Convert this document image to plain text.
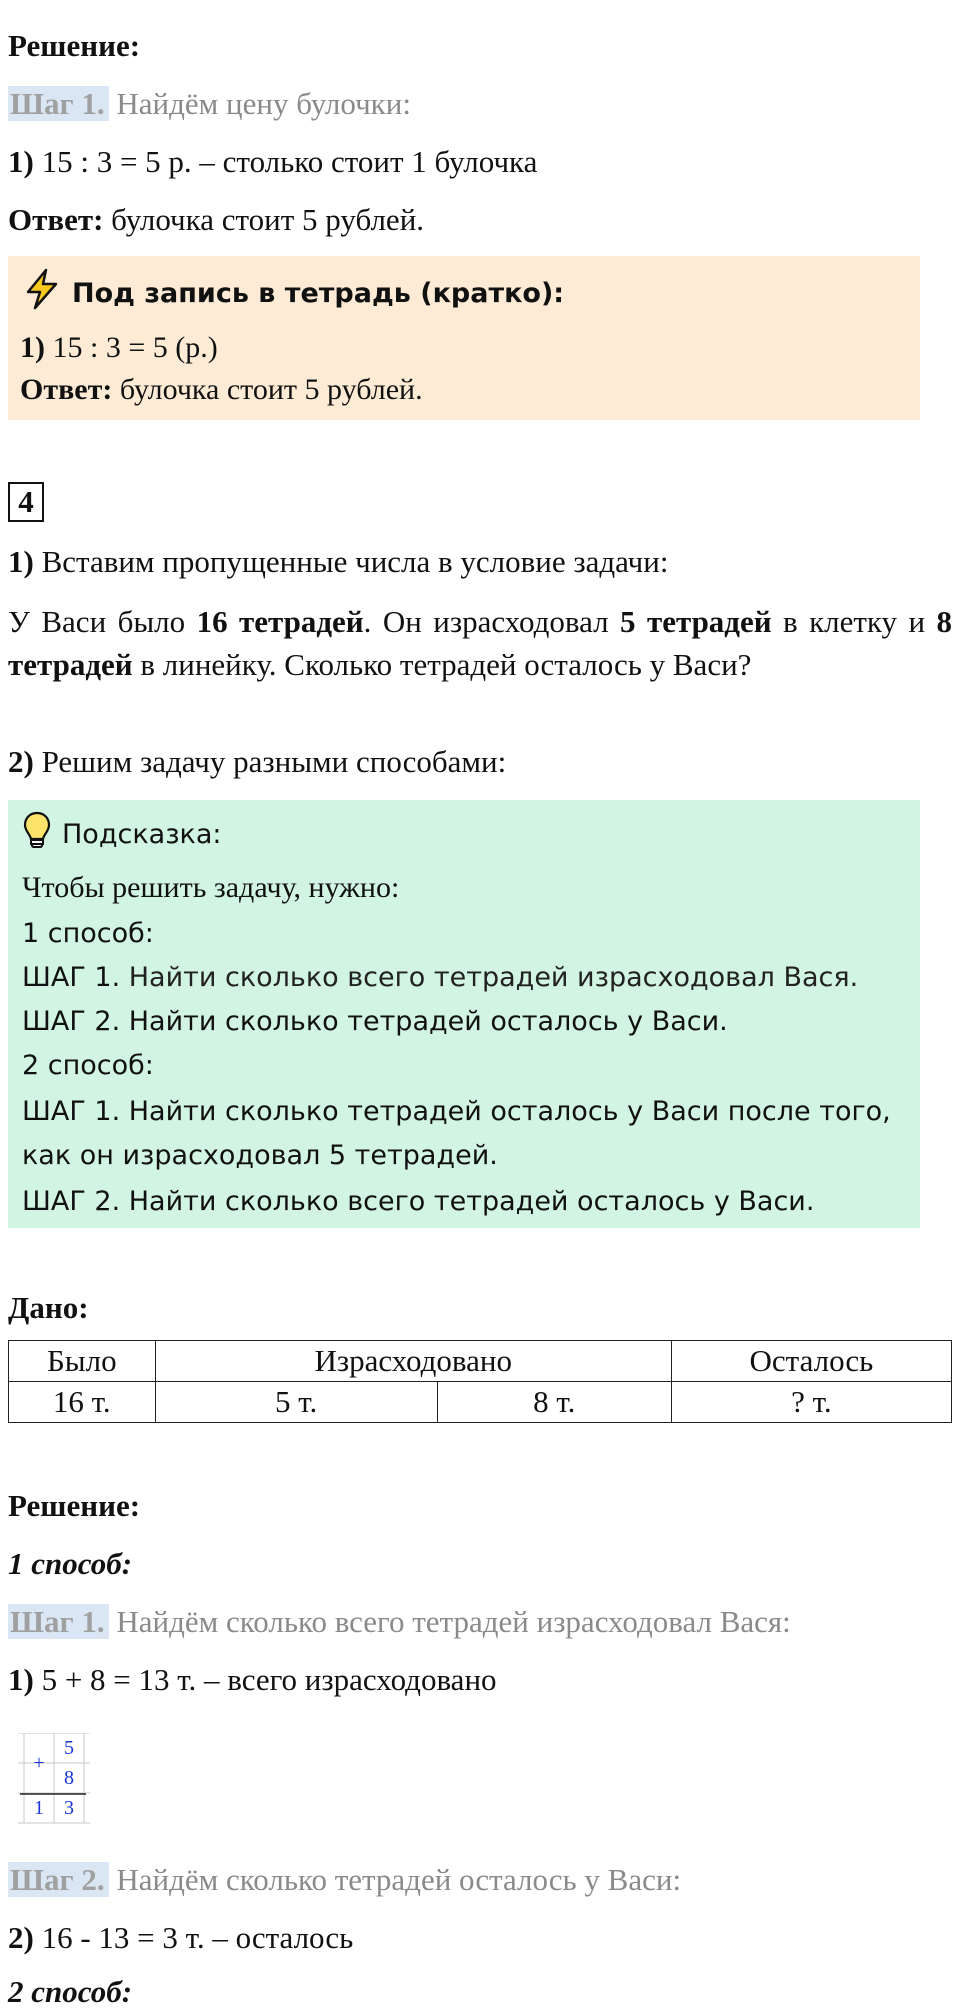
Решение:
Шаг 1. Найдём цену булочки:
1) 15 : 3 = 5 р. – столько стоит 1 булочка
Ответ: булочка стоит 5 рублей.
Под запись в тетрадь (кратко):
1) 15 : 3 = 5 (р.)
Ответ: булочка стоит 5 рублей.
4
1) Вставим пропущенные числа в условие задачи:
У Васи было 16 тетрадей. Он израсходовал 5 тетрадей в клетку и 8 тетрадей в линейку. Сколько тетрадей осталось у Васи?
2) Решим задачу разными способами:
Подсказка:
Чтобы решить задачу, нужно:
1 способ:
ШАГ 1. Найти сколько всего тетрадей израсходовал Вася.
ШАГ 2. Найти сколько тетрадей осталось у Васи.
2 способ:
ШАГ 1. Найти сколько тетрадей осталось у Васи после того,
как он израсходовал 5 тетрадей.
ШАГ 2. Найти сколько всего тетрадей осталось у Васи.
Дано:
Было	Израсходовано		Осталось
16 т.	5 т.	8 т.	? т.
Решение:
1 способ:
Шаг 1. Найдём сколько всего тетрадей израсходовал Вася:
1) 5 + 8 = 13 т. – всего израсходовано
+
5
8
1	3
Шаг 2. Найдём сколько тетрадей осталось у Васи:
2) 16 - 13 = 3 т. – осталось
2 способ:
